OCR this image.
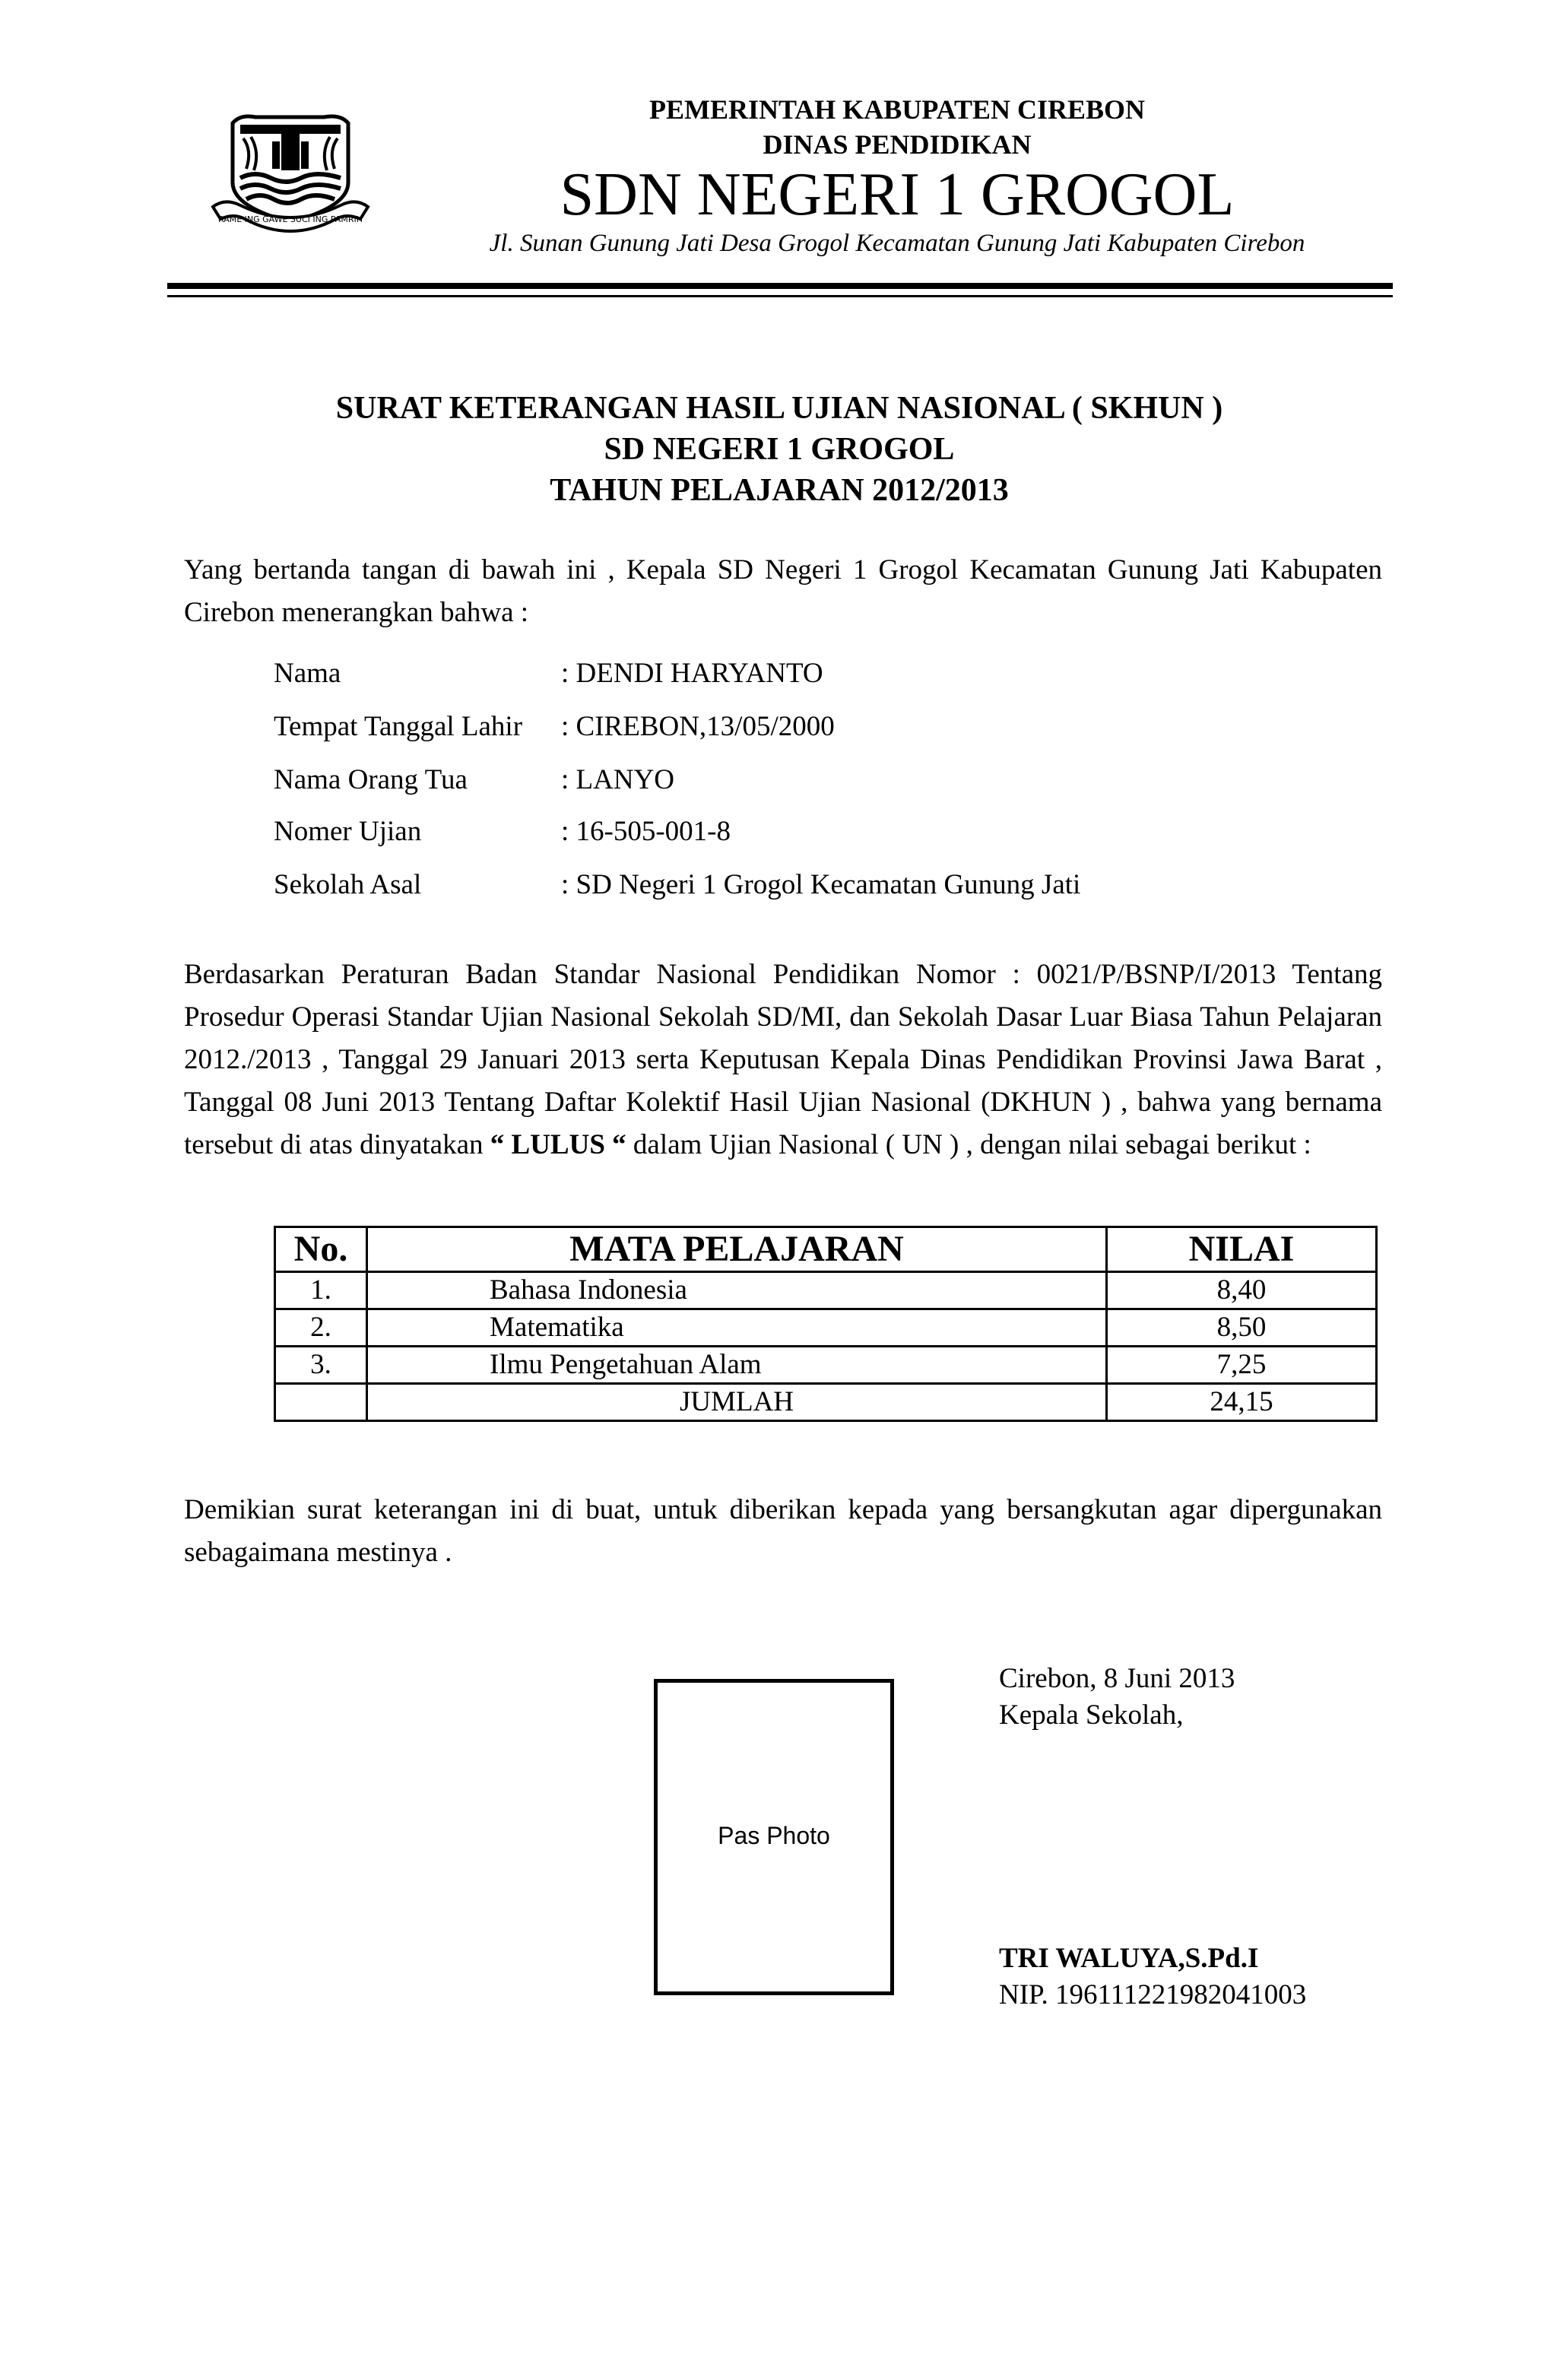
RAME ING GAWE SUCI ING PAMRIH
PEMERINTAH KABUPATEN CIREBON
DINAS PENDIDIKAN
SDN NEGERI 1 GROGOL
Jl. Sunan Gunung Jati Desa Grogol Kecamatan Gunung Jati Kabupaten Cirebon
SURAT KETERANGAN HASIL UJIAN NASIONAL ( SKHUN )
SD NEGERI 1 GROGOL
TAHUN PELAJARAN 2012/2013
Yang bertanda tangan di bawah ini , Kepala SD Negeri 1 Grogol Kecamatan Gunung Jati Kabupaten Cirebon menerangkan bahwa :
Nama	: DENDI HARYANTO
Tempat Tanggal Lahir	: CIREBON,13/05/2000
Nama Orang Tua	: LANYO
Nomer Ujian	: 16-505-001-8
Sekolah Asal	: SD Negeri 1 Grogol Kecamatan Gunung Jati
Berdasarkan Peraturan Badan Standar Nasional Pendidikan Nomor : 0021/P/BSNP/I/2013 Tentang Prosedur Operasi Standar Ujian Nasional Sekolah SD/MI, dan Sekolah Dasar Luar Biasa Tahun Pelajaran 2012./2013 , Tanggal 29 Januari 2013 serta Keputusan Kepala Dinas Pendidikan Provinsi Jawa Barat , Tanggal 08 Juni 2013 Tentang Daftar Kolektif Hasil Ujian Nasional (DKHUN ) , bahwa yang bernama tersebut di atas dinyatakan “ LULUS “ dalam Ujian Nasional ( UN ) , dengan nilai sebagai berikut :
No.	MATA PELAJARAN	NILAI
1.	Bahasa Indonesia	8,40
2.	Matematika	8,50
3.	Ilmu Pengetahuan Alam	7,25
	JUMLAH	24,15
Demikian surat keterangan ini di buat, untuk diberikan kepada yang bersangkutan agar dipergunakan sebagaimana mestinya .
Cirebon, 8 Juni 2013
Kepala Sekolah,
Pas Photo
TRI WALUYA,S.Pd.I
NIP. 196111221982041003
